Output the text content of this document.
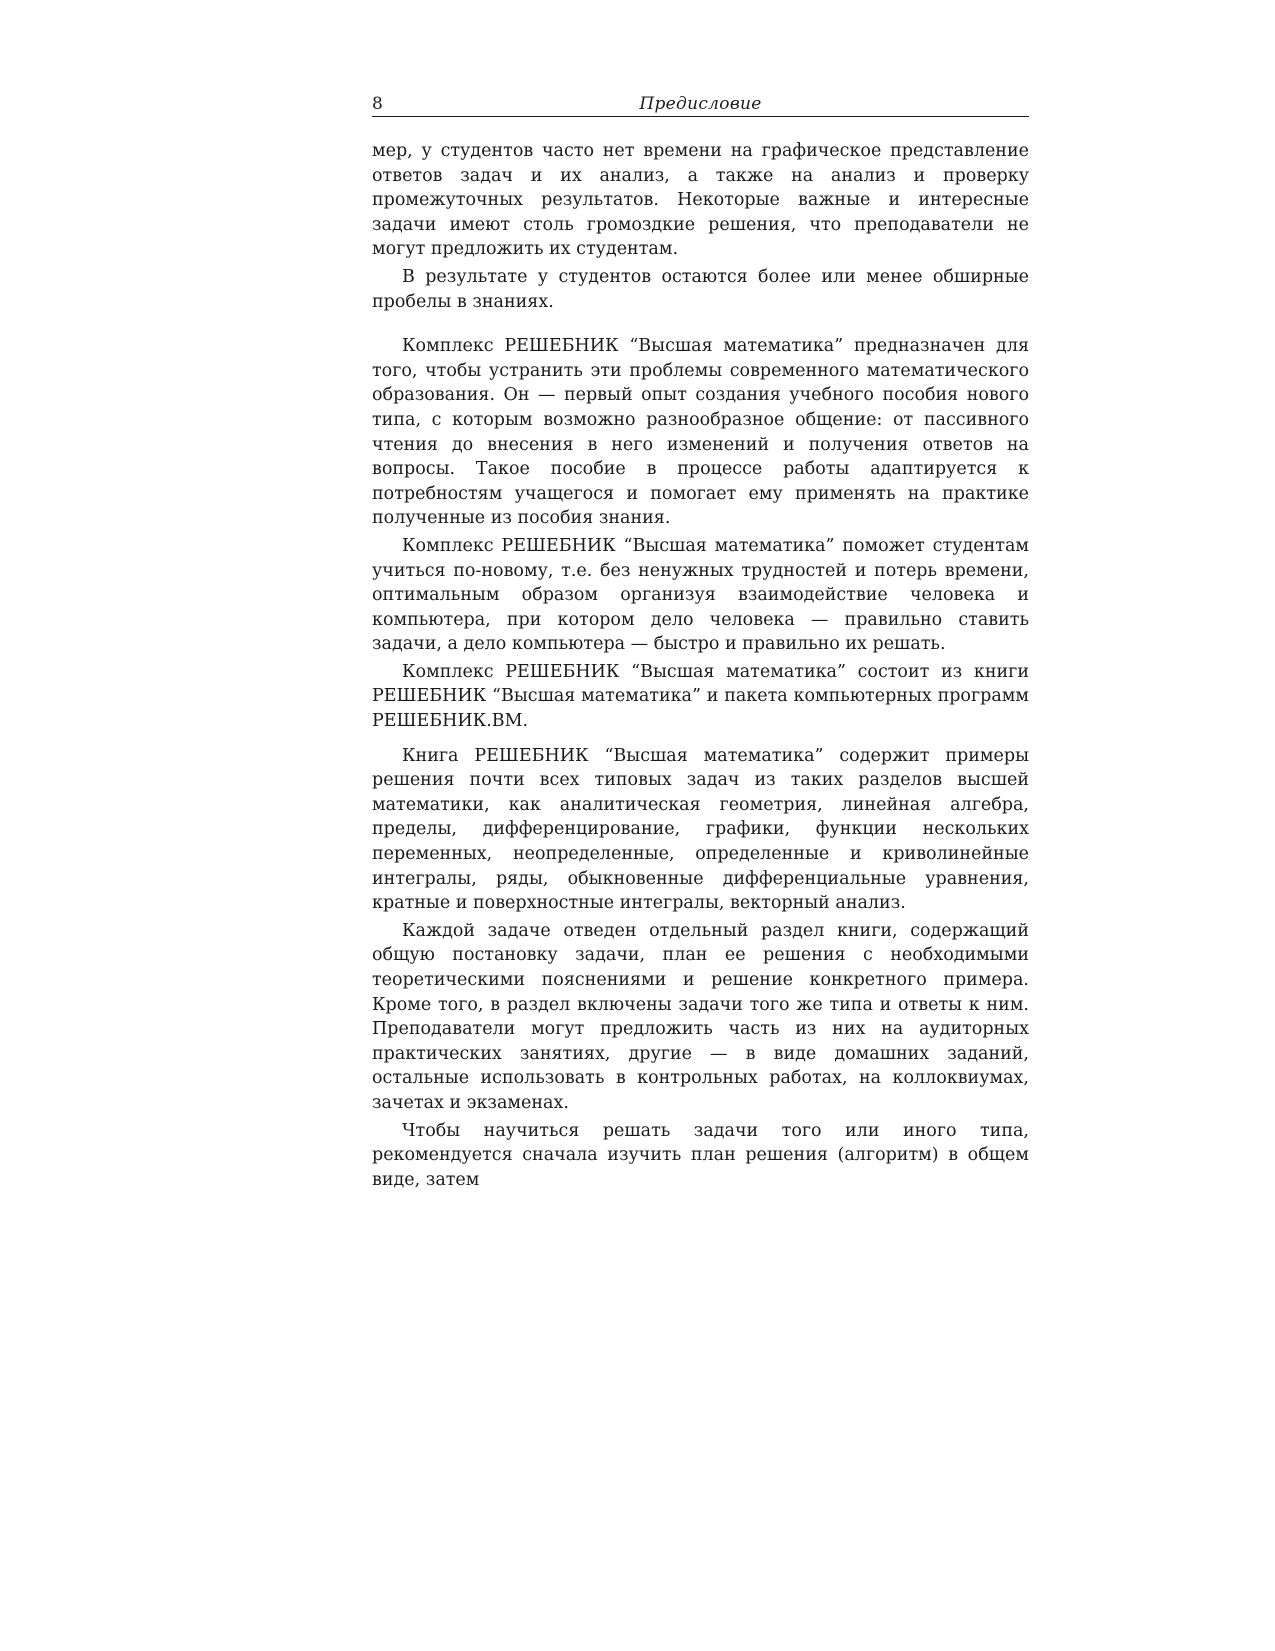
8	Предисловие

мер, у студентов часто нет времени на графическое представление ответов задач и их анализ, а также на анализ и проверку промежуточных результатов. Некоторые важные и интересные задачи имеют столь громоздкие решения, что преподаватели не могут предложить их студентам.

В результате у студентов остаются более или менее обширные пробелы в знаниях.

Комплекс РЕШЕБНИК “Высшая математика” предназначен для того, чтобы устранить эти проблемы современного математического образования. Он — первый опыт создания учебного пособия нового типа, с которым возможно разнообразное общение: от пассивного чтения до внесения в него изменений и получения ответов на вопросы. Такое пособие в процессе работы адаптируется к потребностям учащегося и помогает ему применять на практике полученные из пособия знания.

Комплекс РЕШЕБНИК “Высшая математика” поможет студентам учиться по-новому, т.е. без ненужных трудностей и потерь времени, оптимальным образом организуя взаимодействие человека и компьютера, при котором дело человека — правильно ставить задачи, а дело компьютера — быстро и правильно их решать.

Комплекс РЕШЕБНИК “Высшая математика” состоит из книги РЕШЕБНИК “Высшая математика” и пакета компьютерных программ РЕШЕБНИК.ВМ.

Книга РЕШЕБНИК “Высшая математика” содержит примеры решения почти всех типовых задач из таких разделов высшей математики, как аналитическая геометрия, линейная алгебра, пределы, дифференцирование, графики, функции нескольких переменных, неопределенные, определенные и криволинейные интегралы, ряды, обыкновенные дифференциальные уравнения, кратные и поверхностные интегралы, векторный анализ.

Каждой задаче отведен отдельный раздел книги, содержащий общую постановку задачи, план ее решения с необходимыми теоретическими пояснениями и решение конкретного примера. Кроме того, в раздел включены задачи того же типа и ответы к ним. Преподаватели могут предложить часть из них на аудиторных практических занятиях, другие — в виде домашних заданий, остальные использовать в контрольных работах, на коллоквиумах, зачетах и экзаменах.

Чтобы научиться решать задачи того или иного типа, рекомендуется сначала изучить план решения (алгоритм) в общем виде, затем
